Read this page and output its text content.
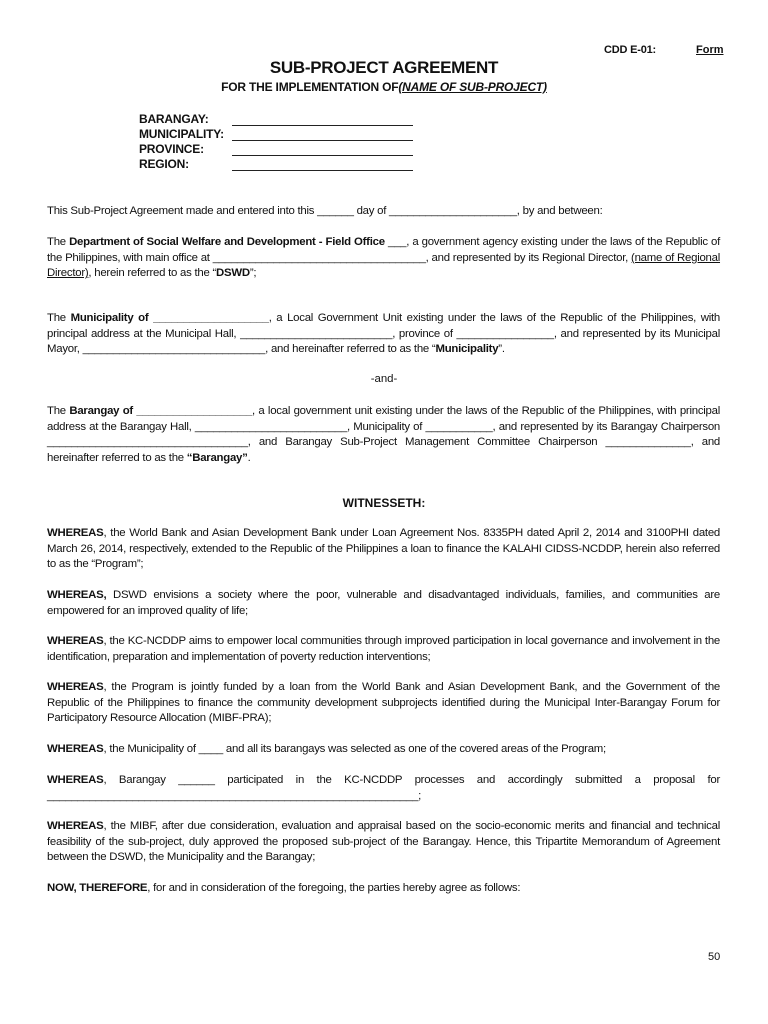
CDD E-01:	Form
SUB-PROJECT AGREEMENT
FOR THE IMPLEMENTATION OF(NAME OF SUB-PROJECT)
BARANGAY:
MUNICIPALITY:
PROVINCE:
REGION:
This Sub-Project Agreement made and entered into this ______ day of _____________________, by and between:
The Department of Social Welfare and Development - Field Office ___, a government agency existing under the laws of the Republic of the Philippines, with main office at ___________________________________, and represented by its Regional Director, (name of Regional Director), herein referred to as the “DSWD”;
The Municipality of ___________________, a Local Government Unit existing under the laws of the Republic of the Philippines, with principal address at the Municipal Hall, _________________________, province of ________________, and represented by its Municipal Mayor, ______________________________, and hereinafter referred to as the “Municipality”.
-and-
The Barangay of ___________________, a local government unit existing under the laws of the Republic of the Philippines, with principal address at the Barangay Hall, _________________________, Municipality of ___________, and represented by its Barangay Chairperson _________________________________, and Barangay Sub-Project Management Committee Chairperson ______________, and hereinafter referred to as the “Barangay”.
WITNESSETH:
WHEREAS, the World Bank and Asian Development Bank under Loan Agreement Nos. 8335PH dated April 2, 2014 and 3100PHI dated March 26, 2014, respectively, extended to the Republic of the Philippines a loan to finance the KALAHI CIDSS-NCDDP, herein also referred to as the “Program”;
WHEREAS, DSWD envisions a society where the poor, vulnerable and disadvantaged individuals, families, and communities are empowered for an improved quality of life;
WHEREAS, the KC-NCDDP aims to empower local communities through improved participation in local governance and involvement in the identification, preparation and implementation of poverty reduction interventions;
WHEREAS, the Program is jointly funded by a loan from the World Bank and Asian Development Bank, and the Government of the Republic of the Philippines to finance the community development subprojects identified during the Municipal Inter-Barangay Forum for Participatory Resource Allocation (MIBF-PRA);
WHEREAS, the Municipality of ____ and all its barangays was selected as one of the covered areas of the Program;
WHEREAS, Barangay ______ participated in the KC-NCDDP processes and accordingly submitted a proposal for _____________________________________________________________;
WHEREAS, the MIBF, after due consideration, evaluation and appraisal based on the socio-economic merits and financial and technical feasibility of the sub-project, duly approved the proposed sub-project of the Barangay. Hence, this Tripartite Memorandum of Agreement between the DSWD, the Municipality and the Barangay;
NOW, THEREFORE, for and in consideration of the foregoing, the parties hereby agree as follows:
50
